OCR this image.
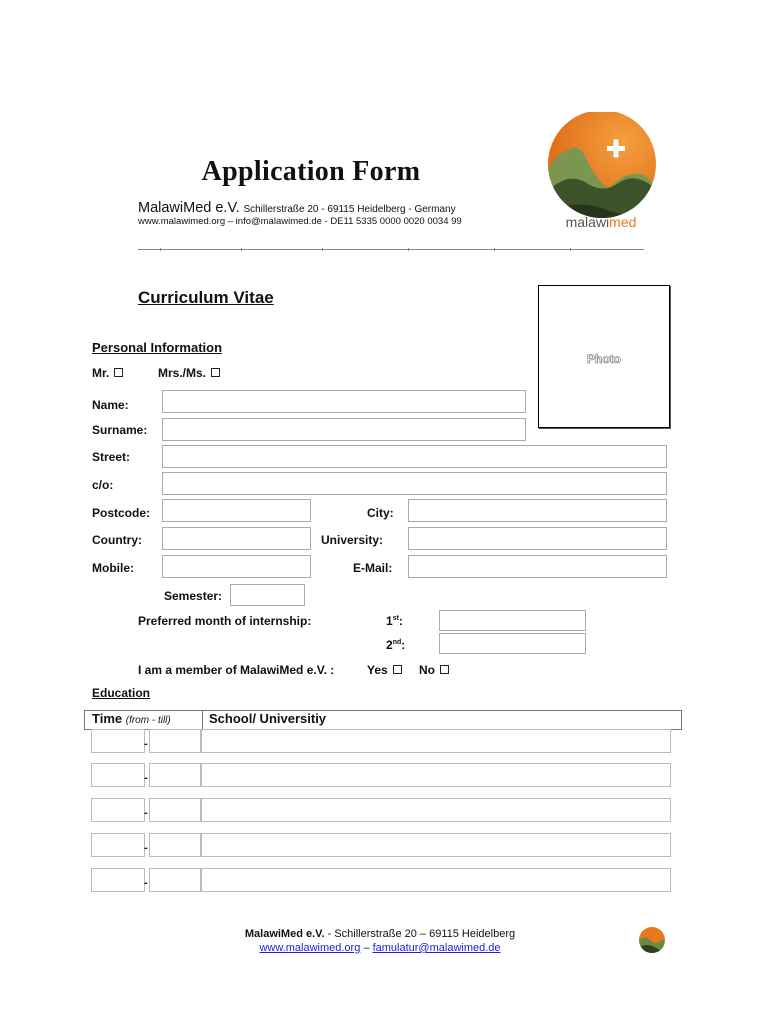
Application Form
MalawiMed e.V. Schillerstraße 20 - 69115 Heidelberg - Germany
www.malawimed.org – info@malawimed.de - DE11 5335 0000 0020 0034 99	malawimed
Curriculum Vitae
Photo
Personal Information
Mr.	Mrs./Ms.
Name:
Surname:
Street:
c/o:
Postcode:	City:
Country:	University:
Mobile:	E-Mail:
Semester:
Preferred month of internship:	1st:
2nd:
I am a member of MalawiMed e.V. :	Yes	No
Education
Time (from - till)	School/ Universitiy
-
-
-
-
-
MalawiMed e.V. - Schillerstraße 20 – 69115 Heidelberg
www.malawimed.org – famulatur@malawimed.de
